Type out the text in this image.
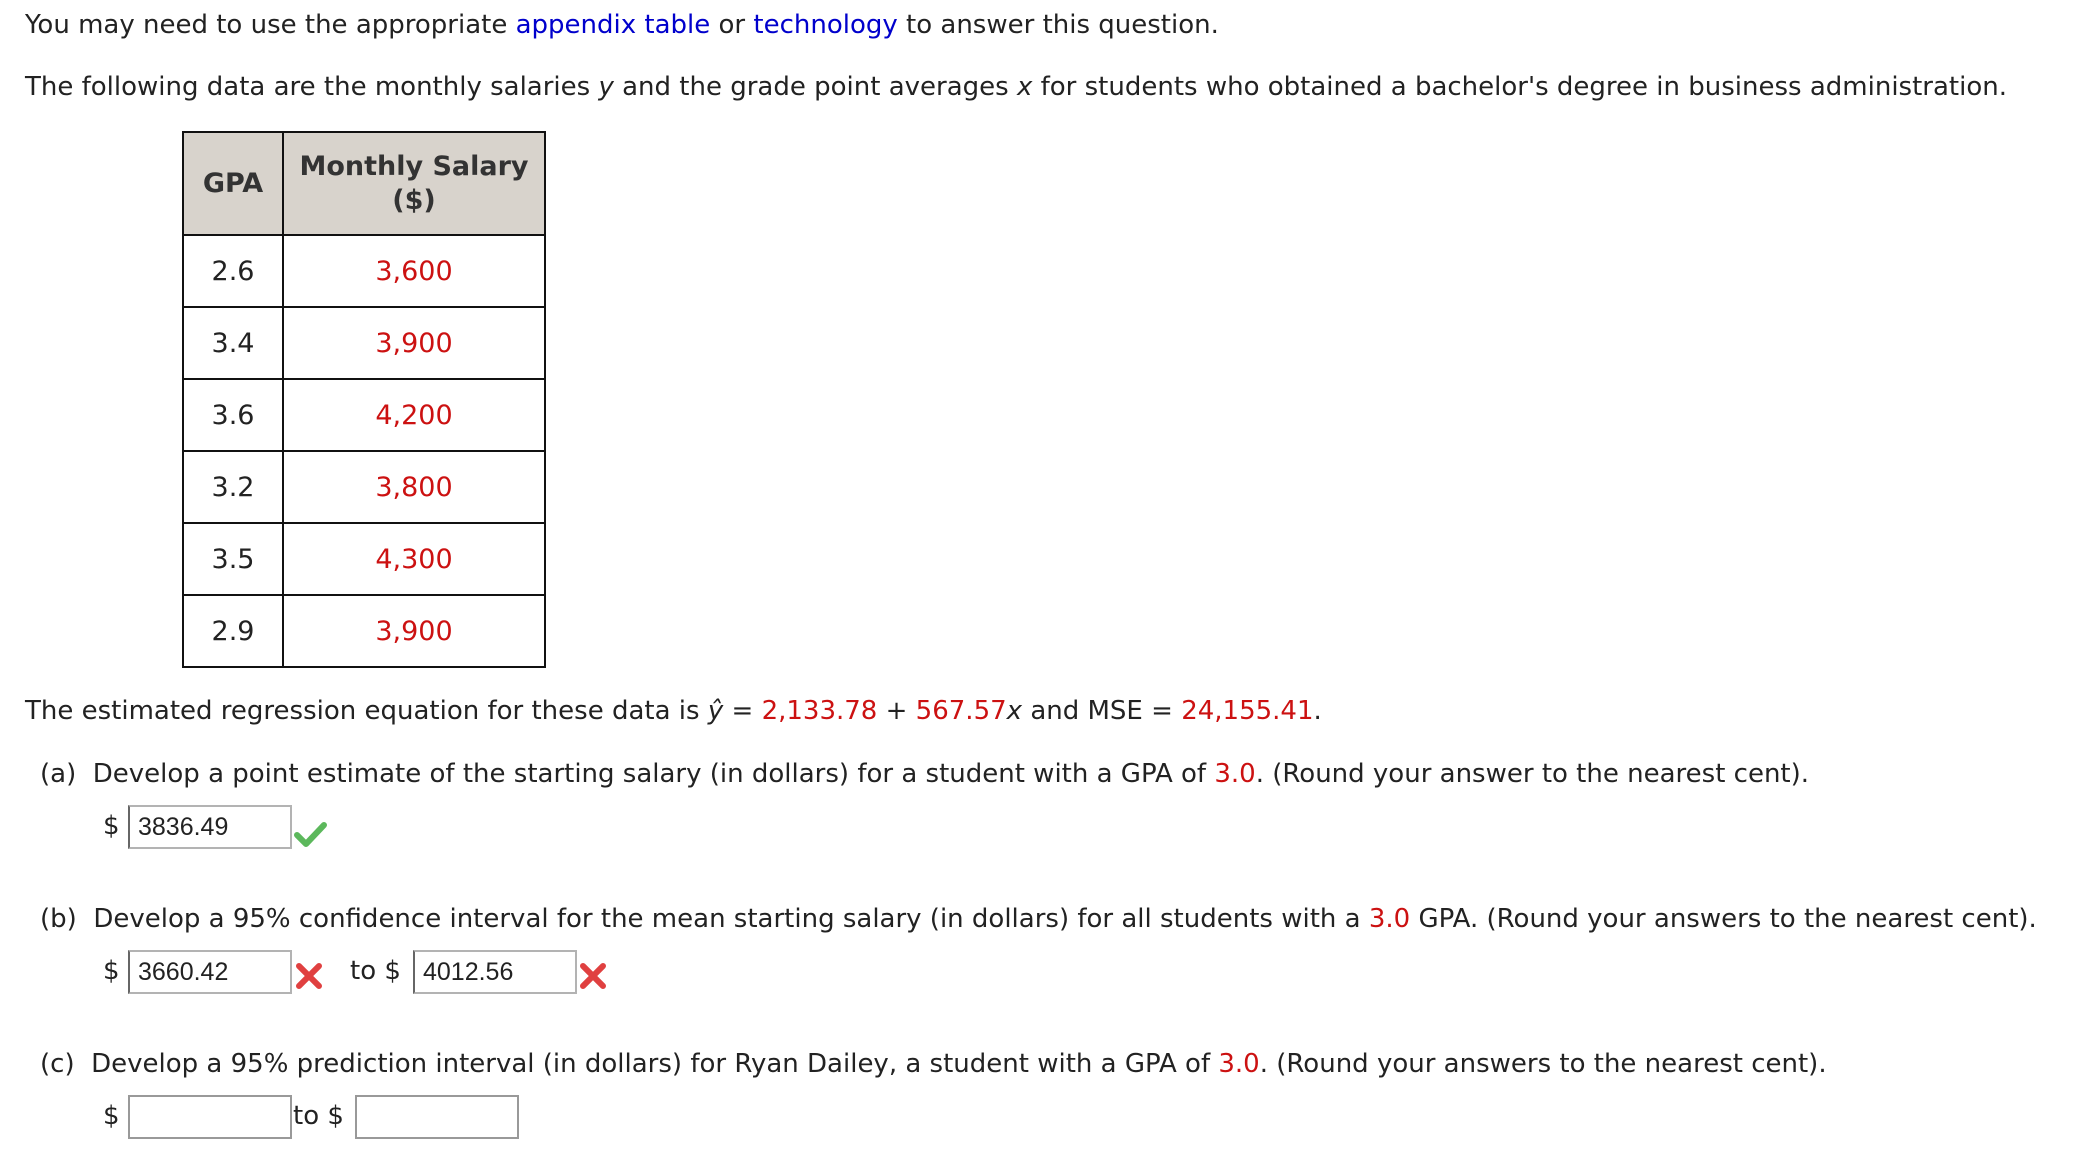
You may need to use the appropriate appendix table or technology to answer this question.
The following data are the monthly salaries y and the grade point averages x for students who obtained a bachelor's degree in business administration.
GPA	Monthly Salary
($)
2.6	3,600
3.4	3,900
3.6	4,200
3.2	3,800
3.5	4,300
2.9	3,900
The estimated regression equation for these data is ŷ = 2,133.78 + 567.57x and MSE = 24,155.41.
(a) Develop a point estimate of the starting salary (in dollars) for a student with a GPA of 3.0. (Round your answer to the nearest cent).
$ 3836.49
(b) Develop a 95% confidence interval for the mean starting salary (in dollars) for all students with a 3.0 GPA. (Round your answers to the nearest cent).
$ 3660.42	to $ 4012.56
(c) Develop a 95% prediction interval (in dollars) for Ryan Dailey, a student with a GPA of 3.0. (Round your answers to the nearest cent).
$	to $
